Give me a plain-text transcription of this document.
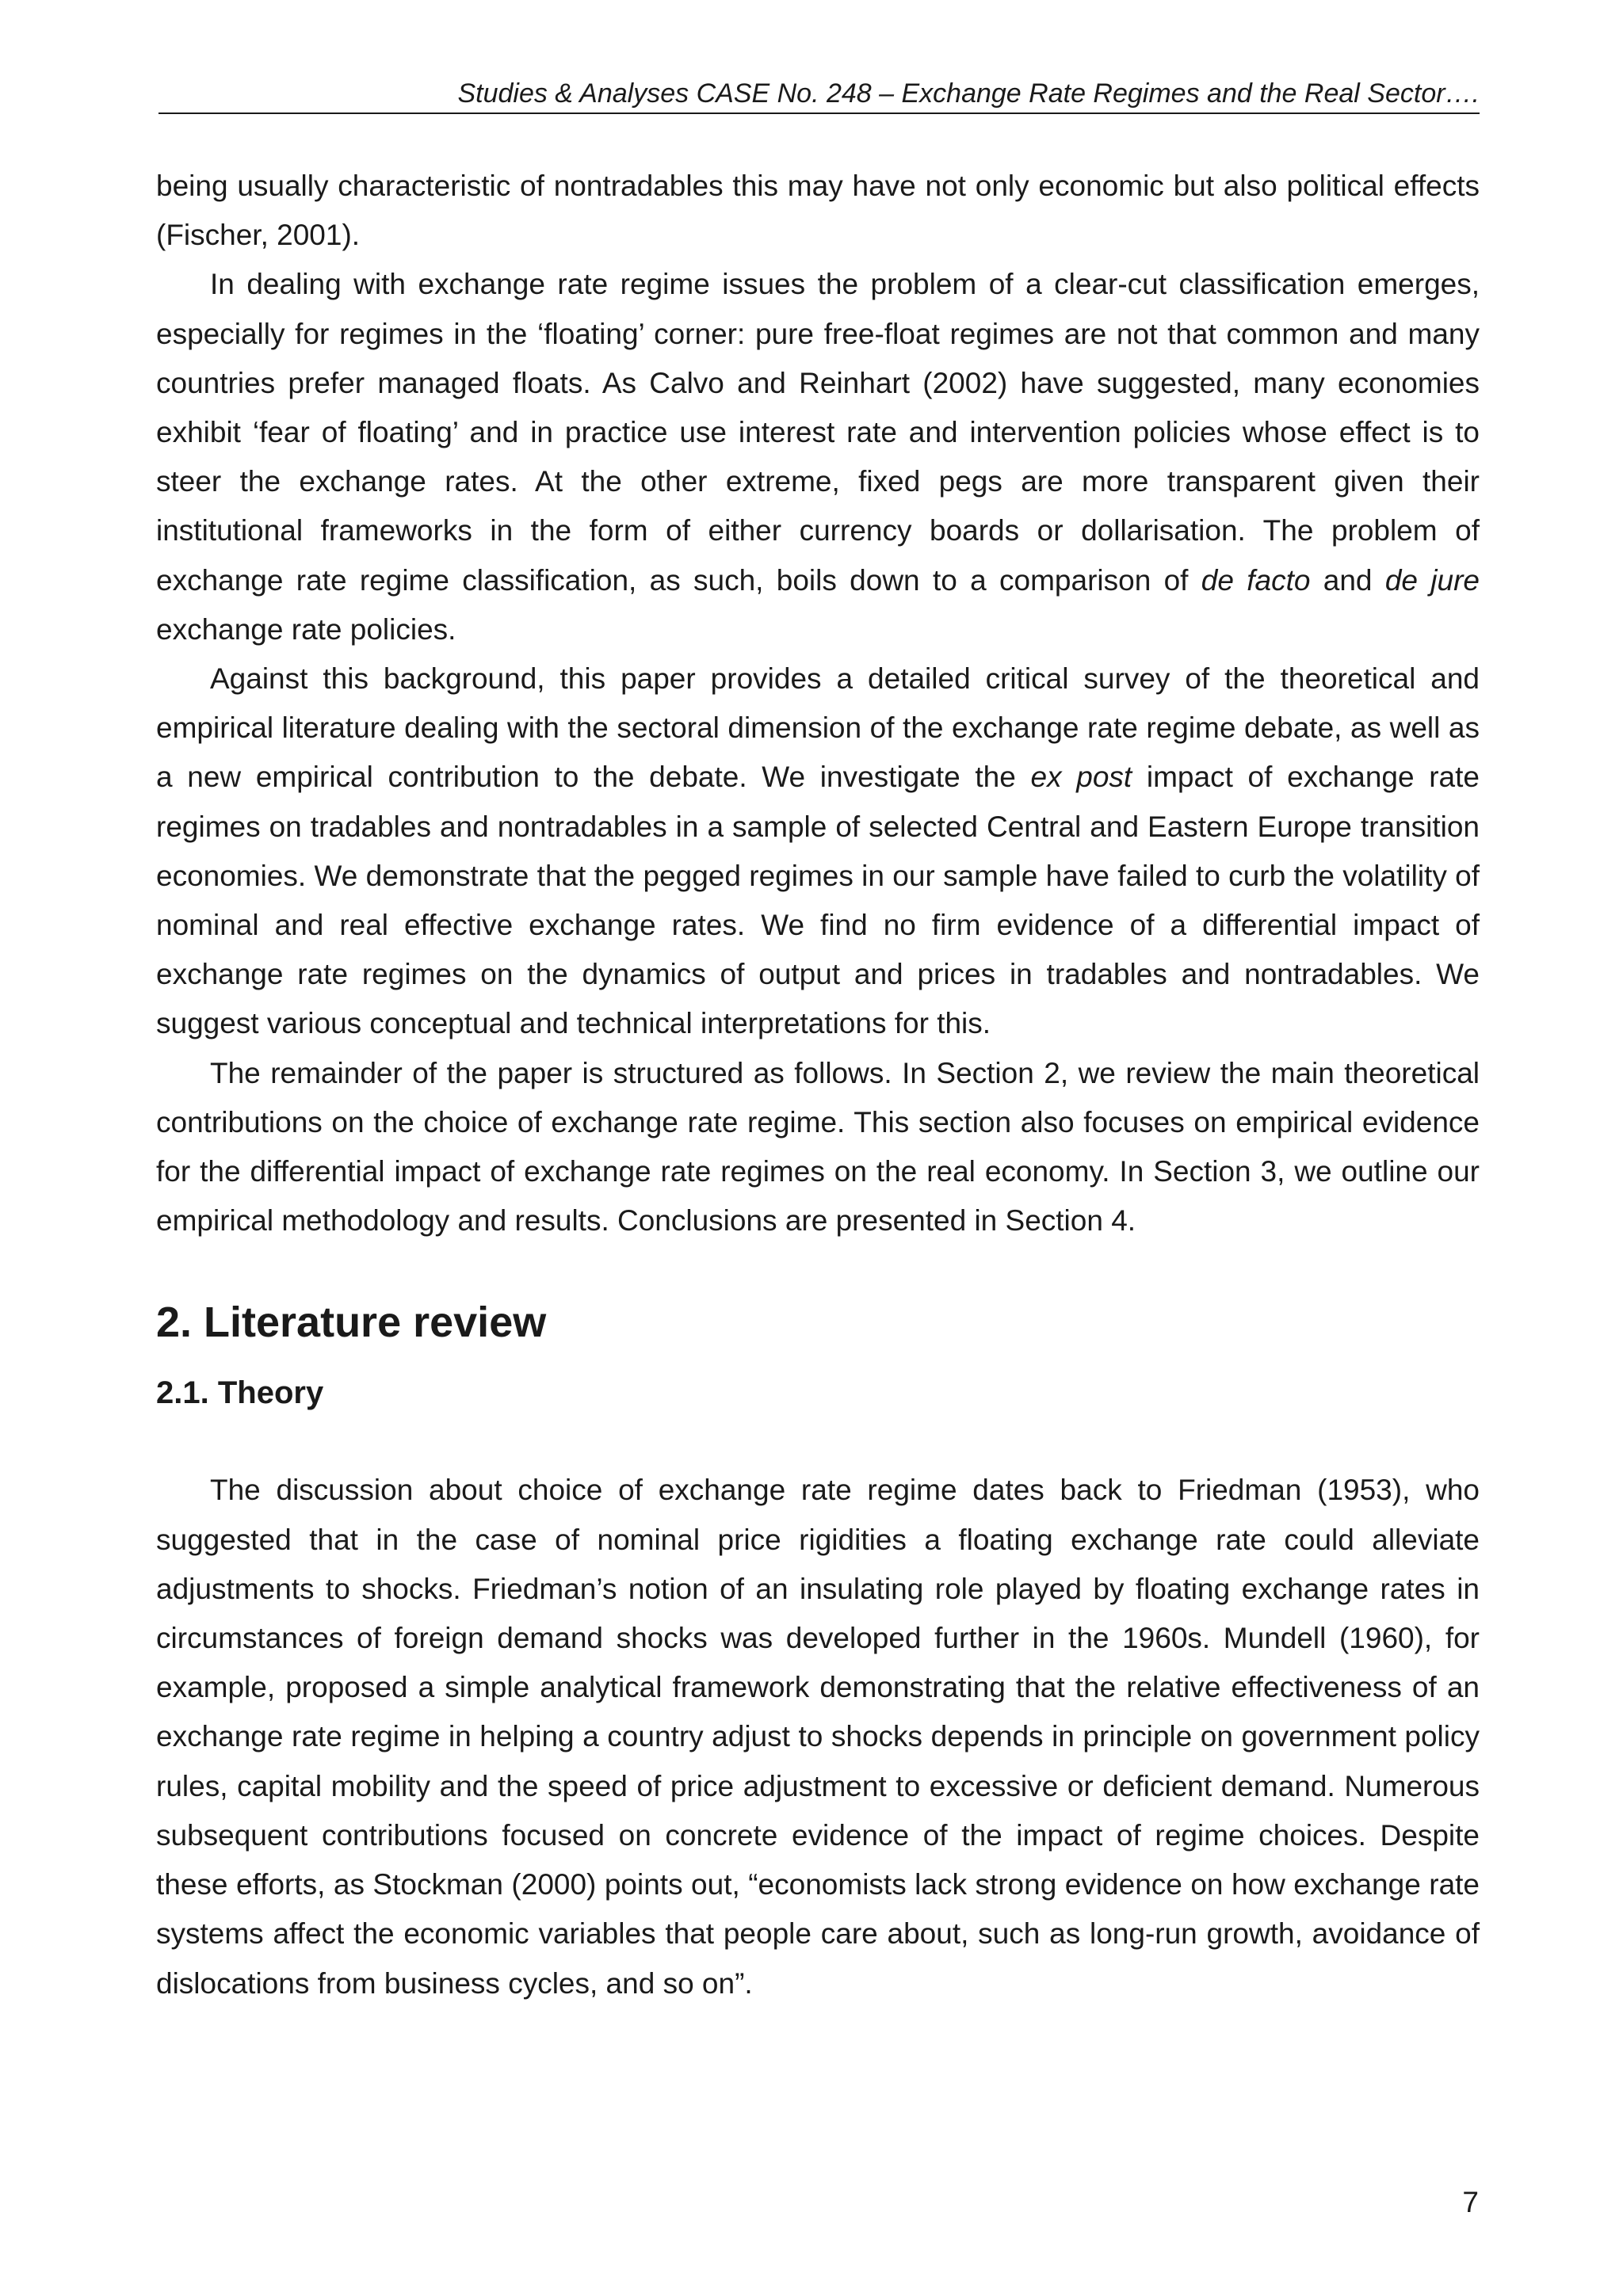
Studies & Analyses CASE No. 248 – Exchange Rate Regimes and the Real Sector….

being usually characteristic of nontradables this may have not only economic but also political effects (Fischer, 2001).

In dealing with exchange rate regime issues the problem of a clear-cut classification emerges, especially for regimes in the ‘floating’ corner: pure free-float regimes are not that common and many countries prefer managed floats. As Calvo and Reinhart (2002) have suggested, many economies exhibit ‘fear of floating’ and in practice use interest rate and intervention policies whose effect is to steer the exchange rates. At the other extreme, fixed pegs are more transparent given their institutional frameworks in the form of either currency boards or dollarisation. The problem of exchange rate regime classification, as such, boils down to a comparison of de facto and de jure exchange rate policies.

Against this background, this paper provides a detailed critical survey of the theoretical and empirical literature dealing with the sectoral dimension of the exchange rate regime debate, as well as a new empirical contribution to the debate. We investigate the ex post impact of exchange rate regimes on tradables and nontradables in a sample of selected Central and Eastern Europe transition economies. We demonstrate that the pegged regimes in our sample have failed to curb the volatility of nominal and real effective exchange rates. We find no firm evidence of a differential impact of exchange rate regimes on the dynamics of output and prices in tradables and nontradables. We suggest various conceptual and technical interpretations for this.

The remainder of the paper is structured as follows. In Section 2, we review the main theoretical contributions on the choice of exchange rate regime. This section also focuses on empirical evidence for the differential impact of exchange rate regimes on the real economy. In Section 3, we outline our empirical methodology and results. Conclusions are presented in Section 4.

2. Literature review
2.1. Theory

The discussion about choice of exchange rate regime dates back to Friedman (1953), who suggested that in the case of nominal price rigidities a floating exchange rate could alleviate adjustments to shocks. Friedman’s notion of an insulating role played by floating exchange rates in circumstances of foreign demand shocks was developed further in the 1960s. Mundell (1960), for example, proposed a simple analytical framework demonstrating that the relative effectiveness of an exchange rate regime in helping a country adjust to shocks depends in principle on government policy rules, capital mobility and the speed of price adjustment to excessive or deficient demand. Numerous subsequent contributions focused on concrete evidence of the impact of regime choices. Despite these efforts, as Stockman (2000) points out, “economists lack strong evidence on how exchange rate systems affect the economic variables that people care about, such as long-run growth, avoidance of dislocations from business cycles, and so on”.

7
